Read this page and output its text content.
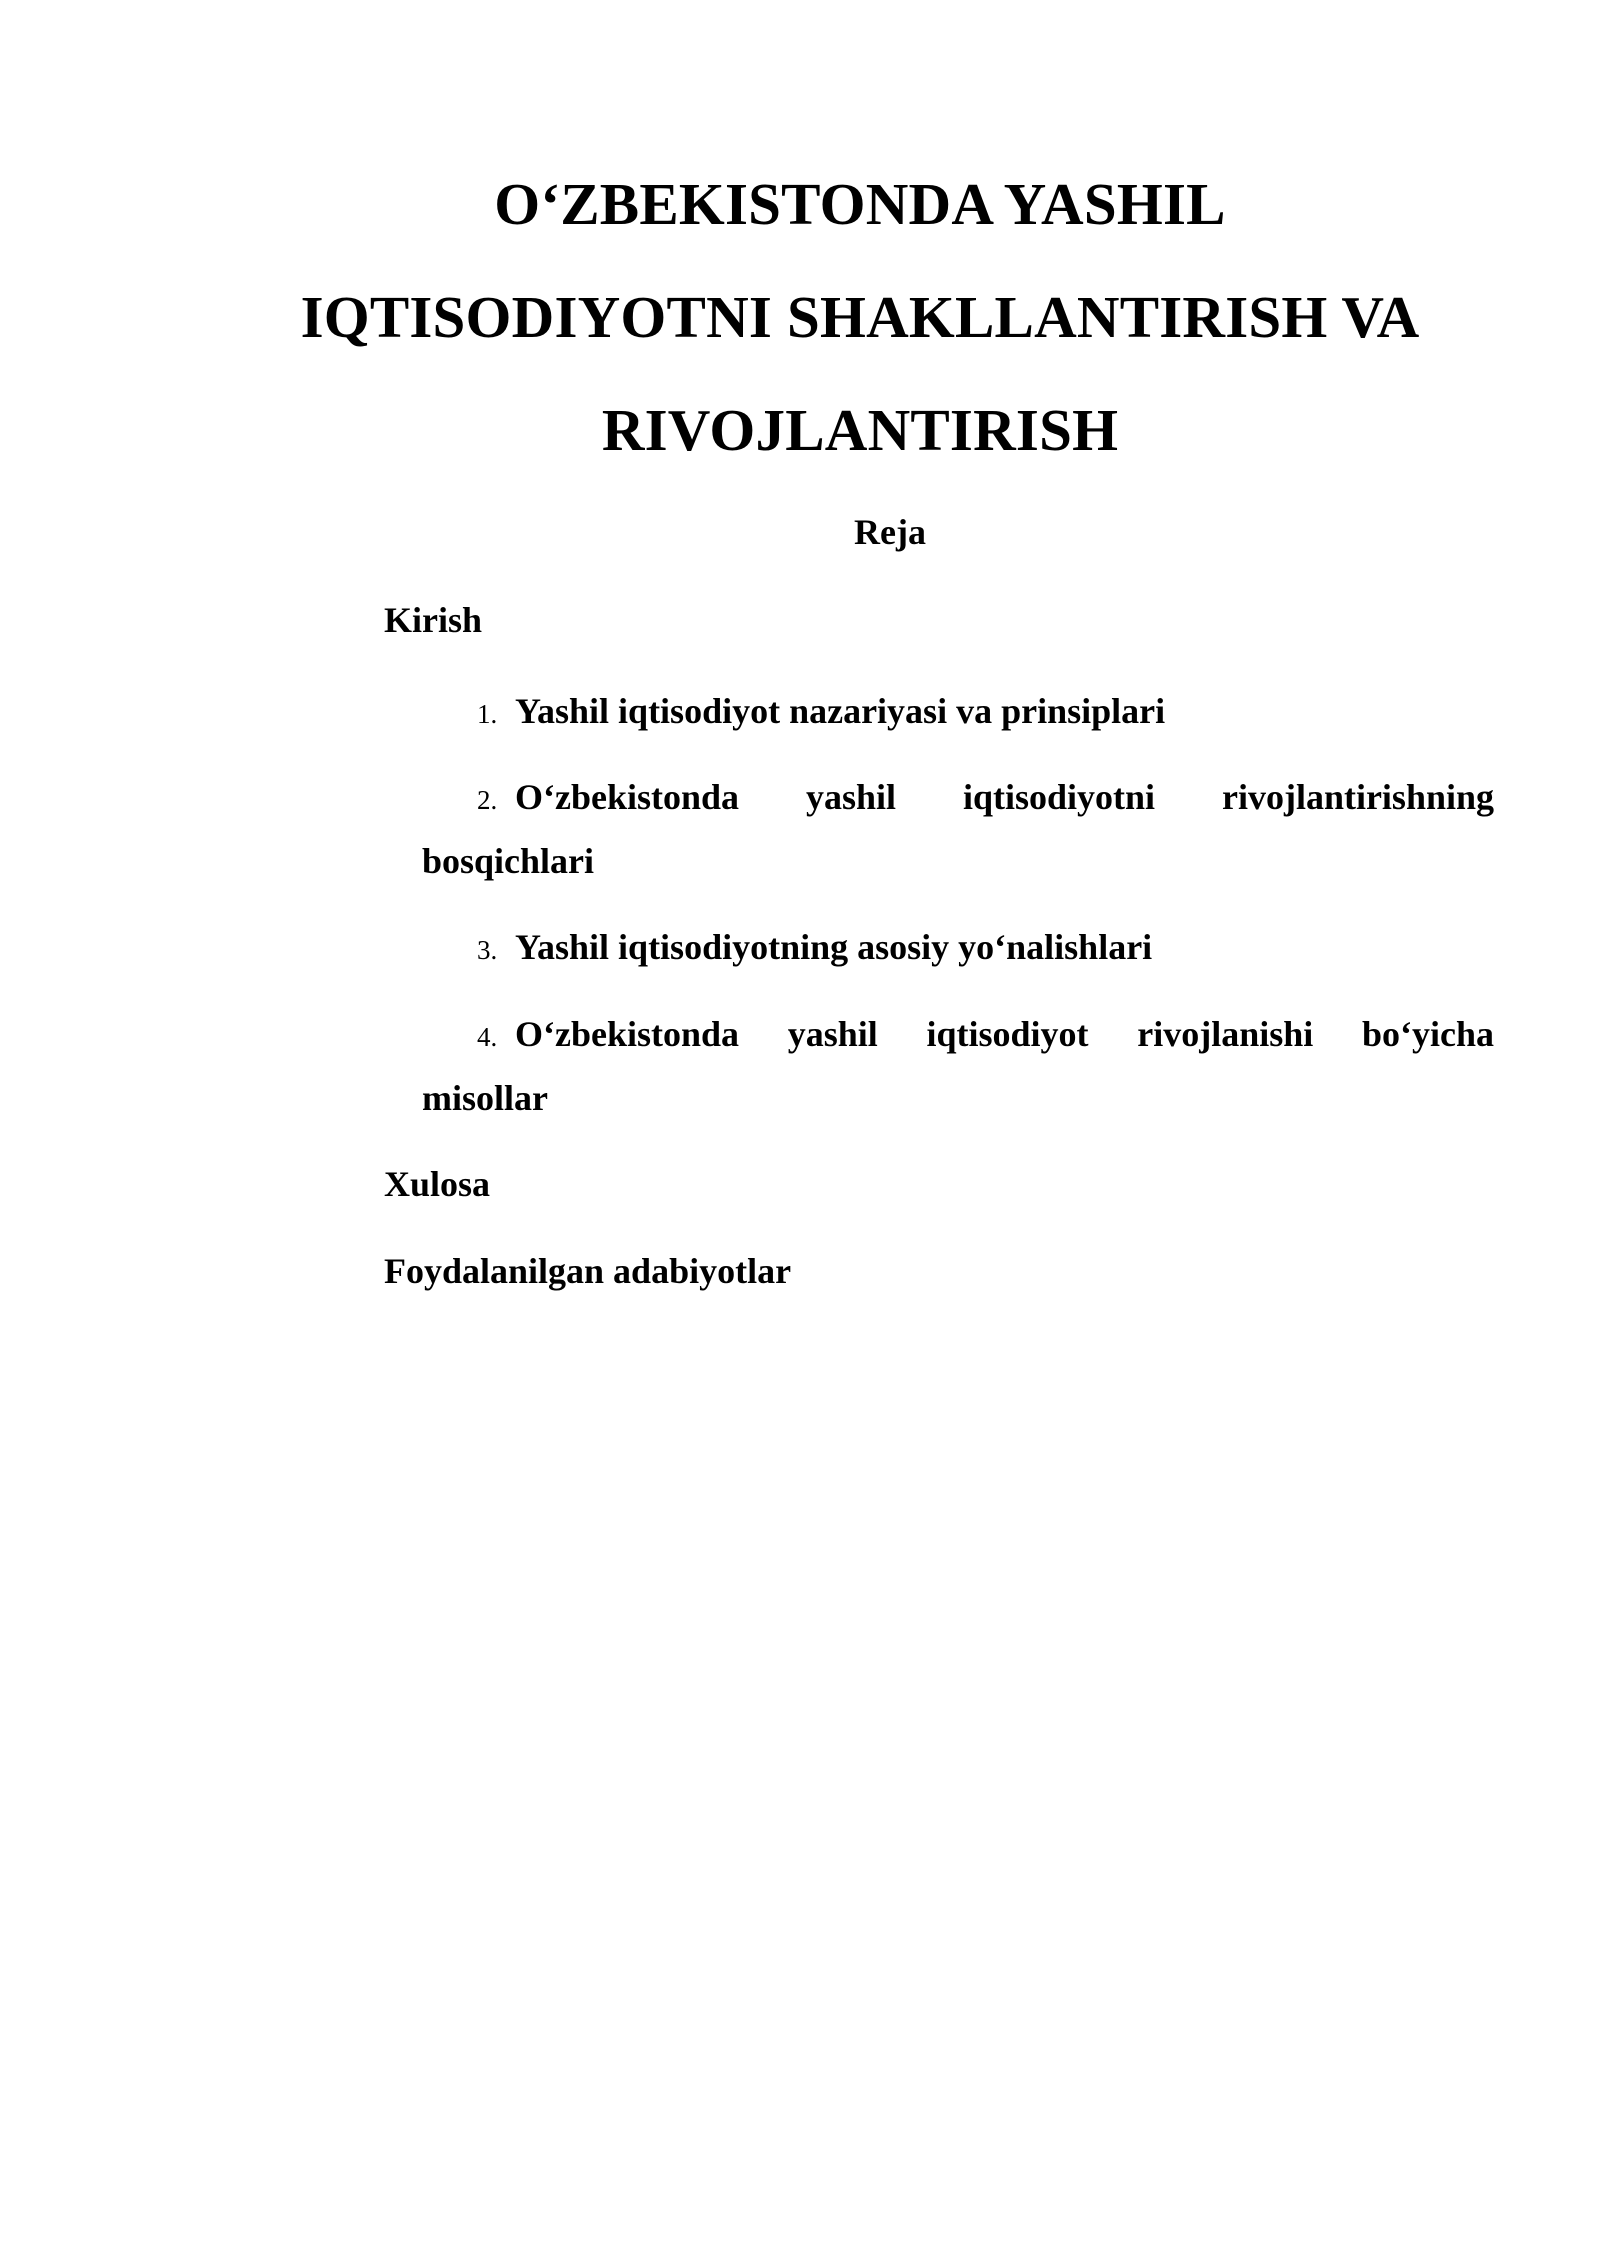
O‘ZBEKISTONDA YASHIL
IQTISODIYOTNI SHAKLLANTIRISH VA
RIVOJLANTIRISH

Reja

Kirish

1. Yashil iqtisodiyot nazariyasi va prinsiplari
2. O‘zbekistonda yashil iqtisodiyotni rivojlantirishning
bosqichlari
3. Yashil iqtisodiyotning asosiy yo‘nalishlari
4. O‘zbekistonda yashil iqtisodiyot rivojlanishi bo‘yicha
misollar

Xulosa

Foydalanilgan adabiyotlar
